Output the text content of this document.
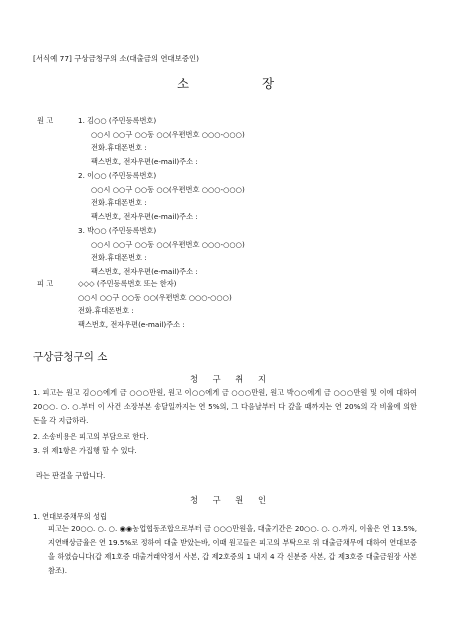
[서식예 77] 구상금청구의 소(대출금의 연대보증인)
소	장
원 고	1. 김○○ (주민등록번호)
○○시 ○○구 ○○동 ○○(우편번호 ○○○-○○○)
전화․휴대폰번호 :
팩스번호, 전자우편(e-mail)주소 :
2. 이○○ (주민등록번호)
○○시 ○○구 ○○동 ○○(우편번호 ○○○-○○○)
전화․휴대폰번호 :
팩스번호, 전자우편(e-mail)주소 :
3. 박○○ (주민등록번호)
○○시 ○○구 ○○동 ○○(우편번호 ○○○-○○○)
전화․휴대폰번호 :
팩스번호, 전자우편(e-mail)주소 :
피 고	◇◇◇ (주민등록번호 또는 한자)
○○시 ○○구 ○○동 ○○(우편번호 ○○○-○○○)
전화․휴대폰번호 :
팩스번호, 전자우편(e-mail)주소 :
구상금청구의 소
청 구 취 지
1. 피고는 원고 김○○에게 금 ○○○만원, 원고 이○○에게 금 ○○○만원, 원고 박○○에게 금 ○○○만원 및 이에 대하여 20○○. ○. ○.부터 이 사건 소장부본 송달일까지는 연 5%의, 그 다음날부터 다 갚을 때까지는 연 20%의 각 비율에 의한 돈을 각 지급하라.
2. 소송비용은 피고의 부담으로 한다.
3. 위 제1항은 가집행 할 수 있다.
라는 판결을 구합니다.
청 구 원 인
1. 연대보증채무의 성립
피고는 20○○. ○. ○. ◉◉농업협동조합으로부터 금 ○○○만원을, 대출기간은 20○○. ○. ○.까지, 이율은 연 13.5%, 지연배상금율은 연 19.5%로 정하여 대출 받았는바, 이때 원고들은 피고의 부탁으로 위 대출금채무에 대하여 연대보증을 하였습니다(갑 제1호증 대출거래약정서 사본, 갑 제2호증의 1 내지 4 각 신분증 사본, 갑 제3호증 대출금원장 사본 참조).
